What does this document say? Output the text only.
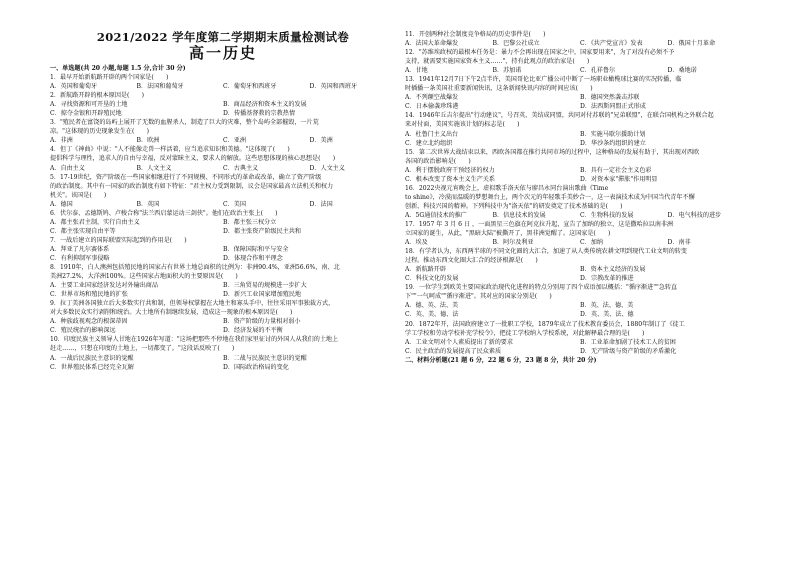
2021/2022 学年度第二学期期末质量检测试卷
高一历史
一、单选题(共 20 小题,每题 1.5 分,合计 30 分)
1．最早开始新航路开辟的两个国家是(　　)
A．英国和葡萄牙	B．法国和葡萄牙	C．葡萄牙和西班牙	D．英国和西班牙
2．新航路开辟的根本原因是(　　)
A．寻找资源和可开垦的土地	B．商品经济和资本主义的发展
C．掠夺金银和开辟殖民地	D．传播基督教的宗教热情
3．"殖民者在富饶的岛屿上展开了无数的血腥杀人，制造了巨大的灾难，整个岛屿全部摧毁，一片荒
凉。"这体现的历史现象发生在(　　)
A．非洲	B．欧洲	C．亚洲	D．美洲
4．但丁《神曲》中说："人不能像走兽一样活着，应当追求知识和美德。"这体现了(　　)
提倡科学与理性，追求人的自由与幸福，反对蒙昧主义，要求人的解放。这些思想体现的核心思想是(　　)
A．自由主义	B．人文主义	C．古典主义	D．人文主义
5．17-19世纪，资产阶级在一些国家相继进行了不同规模、不同形式的革命或改革，确立了资产阶级
的政治制度。其中有一国家的政治制度有如下特征："君主权力受到限制，议会是国家最高立法机关和权力
机关"。该国是(　　)
A．德国	B．英国	C．美国	D．法国
6．伏尔泰、孟德斯鸠、卢梭合称"法兰西启蒙运动三剑侠"。他们在政治主张上(　　)
A．都主张君主制，实行自由主义	B．都主张三权分立
C．都主张实现自由平等	D．都主张资产阶级民主共和
7．一战后建立的国际联盟实际起到的作用是(　　)
A．拜亚了凡尔赛体系	B．保障国际和平与安全
C．有利抑制军事侵略	D．体现合作和平理念
8．1910年，白人澳洲包括殖民地的国家占有世界土地总面积的比例为：非洲90.4%，亚洲56.6%，南、北
美洲27.2%，大洋洲100%。这些国家占地面积大的主要原因是(　　)
A．主要工业国家经济发达对外输出商品	B．三角贸易的规模进一步扩大
C．世界市场和殖民地的扩张	D．新兴工业国家增加殖民地
9．拉丁美洲各国独立后大多数实行共和制，但领导权掌握在大地主和寡头手中，往往采用军事独裁方式，
对大多数民众实行剥削和统治。大土地所有制继续发展，造成这一现象的根本原因是(　　)
A．种族歧视观念的根深蒂固	B．资产阶级的力量相对弱小
C．殖民统治的影响深远	D．经济发展的不平衡
10．印度民族主义领导人甘地在1926年写道："这场把那些不停地在我们家里征讨的外国人从我们的土地上
赶走……，只想在印度的土地上，一切都变了。"这段话反映了(　　)
A．一战后民族民主意识的觉醒	B．二战与民族民主意识的觉醒
C．世界殖民体系已经完全瓦解	D．国际政治格局的变化
11．开创两种社会制度竞争格局的历史事件是(　　)
A．法国大革命爆发	B．巴黎公社成立	C．《共产党宣言》发表	D．俄国十月革命
12．"苏维埃政权的最根本任务是：暴力不会再出现在国家之中，国家要用来"，为了对没有必须不予
支持，就需要实施国家资本主义……"，持有此观点的政治家是(　　)
A．甘地	B．苏加诺	C．孔祥鲁尔	D．桑地诺
13．1941年12月7日下午2点半许，美国哥伦比亚广播公司中断了一场职业橄榄球比赛的实况转播，临
时插播一条美国社重要新闻快讯，这条新闻快讯内容的时间应该(　　)
A．不列颠空战爆发	B．德国突然袭击苏联
C．日本偷袭珍珠港	D．法西斯同盟正式形成
14．1946年丘吉尔提出"行动建议"，号召英、美结成同盟，共同对付苏联的"兄弟联盟"，在联合国机构之外联合起
来对付面，美国实施该计划的标志是(　　)
A．杜鲁门主义出台	B．实施马歇尔援助计划
C．建立北约组织	D．华沙条约组织的建立
15．第二次世界大战结束以来，西欧各国都在推行共同市场的过程中，这种格局的发展有助于，其出现对西欧
各国的政治影响是(　　)
A．利于摆脱政府干预经济的权力	B．具有一定社会主义色彩
C．根本改变了资本主义生产关系	D．对资本家"滞胀"作用明显
16．2022央视元宵晚会上，虚拟歌手洛天依与廖昌永同台演出歌曲《Time
to shine》，冷漠而温暖的梦想舞台上，两个次元的年轻歌手美妙合一，这一表演技术成为中国当代青年不懈
创新、科技兴国的精神。下列科技中为"洛天依"的研发奠定了技术基础的是(　　)
A．5G通信技术的推广	B．信息技术的发展	C．生物科技的发展	D．电气科技的进步
17．1957 年 3 月 6 日 ，一面黑星三色旗在阿克拉升起，宣告了加纳的独立，这是撒哈拉以南非洲
立国家的诞生，从此，"黑暗大陆"被撕开了，黑非洲觉醒了。这国家是(　　)
A．埃及	B．阿尔及利亚	C．加纳	D．南非
18．有学者认为，东西两半球的不同文化圈的大汇合，加速了从人类传统农耕文明到现代工业文明的转变
过程。推动东西文化圈大汇合的经济根源是(　　)
A．新航路开辟	B．资本主义经济的发展
C．科技文化的发展	D．宗教改革的推进
19．一位学生到欧美主要国家政治现代化进程的特点分别用了四个成语加以概括："循序渐进""急转直
下""一气呵成""循序渐进"。其对应的国家分别是(　　)
A．德、英、法、美	B．英、法、德、美
C．英、美、德、法	D．英、美、法、德
20．1872年开，法国政府建立了一批职工学校，1879年成立了技术教育委员会，1880年制订了《徒工
学工学校和劳动学校补充学校令》，把徒工学校纳入学校系统，对此解释最合理的是(　　)
A．工业文明对个人素质提出了新的要求	B．工业革命加剧了技术工人的贫困
C．民主政治的发展提高了民众素质	D．无产阶级与资产阶级的矛盾激化
二、材料分析题(21 题 6 分，22 题 6 分，23 题 8 分，共计 20 分)
